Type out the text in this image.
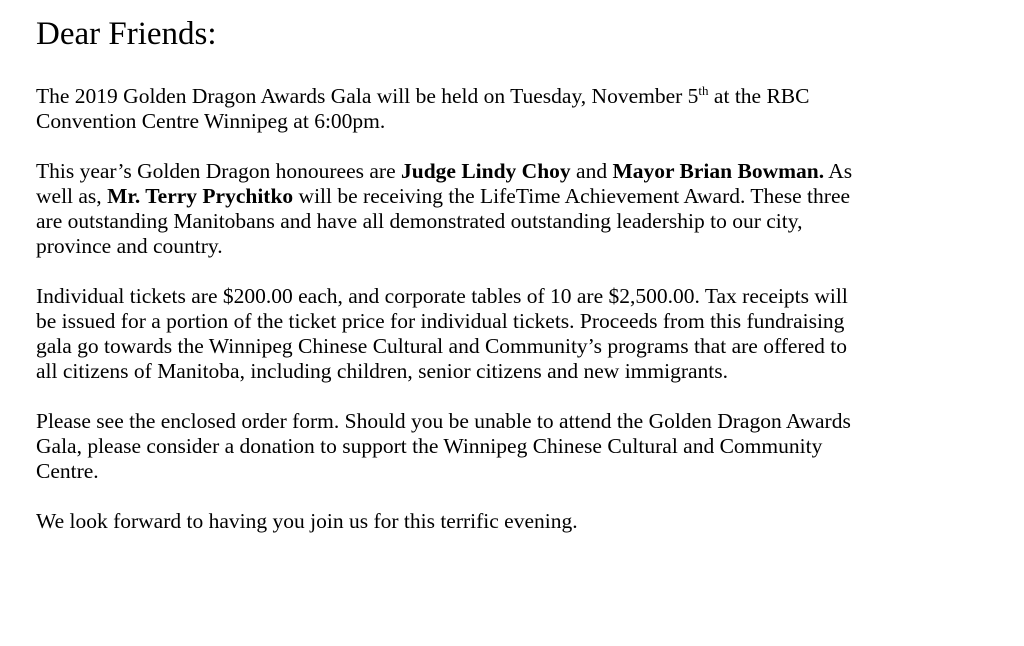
Dear Friends:
The 2019 Golden Dragon Awards Gala will be held on Tuesday, November 5th at the RBC
Convention Centre Winnipeg at 6:00pm.
This year’s Golden Dragon honourees are Judge Lindy Choy and Mayor Brian Bowman. As
well as, Mr. Terry Prychitko will be receiving the LifeTime Achievement Award. These three
are outstanding Manitobans and have all demonstrated outstanding leadership to our city,
province and country.
Individual tickets are $200.00 each, and corporate tables of 10 are $2,500.00. Tax receipts will
be issued for a portion of the ticket price for individual tickets. Proceeds from this fundraising
gala go towards the Winnipeg Chinese Cultural and Community’s programs that are offered to
all citizens of Manitoba, including children, senior citizens and new immigrants.
Please see the enclosed order form. Should you be unable to attend the Golden Dragon Awards
Gala, please consider a donation to support the Winnipeg Chinese Cultural and Community
Centre.
We look forward to having you join us for this terrific evening.
